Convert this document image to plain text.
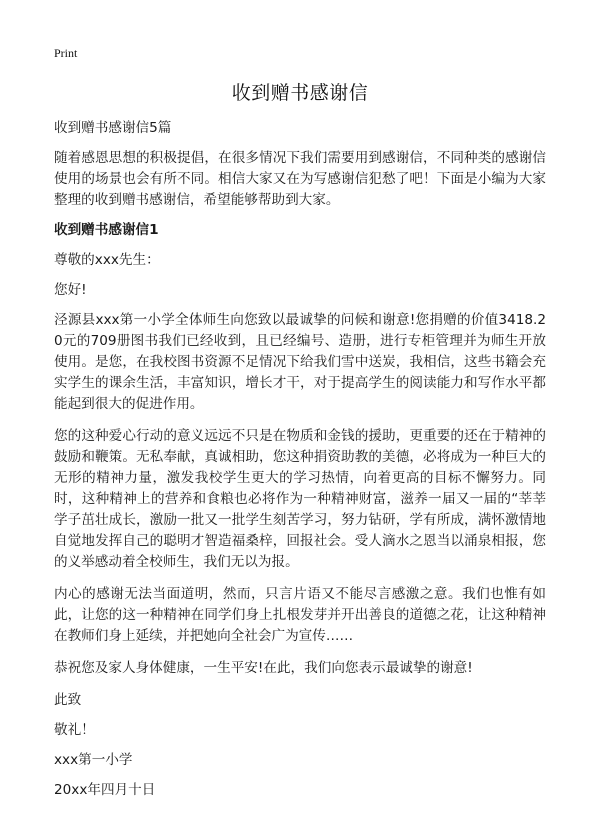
Print
收到赠书感谢信

收到赠书感谢信5篇

随着感恩思想的积极提倡，在很多情况下我们需要用到感谢信，不同种类的感谢信使用的场景也会有所不同。相信大家又在为写感谢信犯愁了吧！下面是小编为大家整理的收到赠书感谢信，希望能够帮助到大家。

收到赠书感谢信1

尊敬的xxx先生：

您好!

泾源县xxx第一小学全体师生向您致以最诚挚的问候和谢意!您捐赠的价值3418.20元的709册图书我们已经收到，且已经编号、造册，进行专柜管理并为师生开放使用。是您，在我校图书资源不足情况下给我们雪中送炭，我相信，这些书籍会充实学生的课余生活，丰富知识，增长才干，对于提高学生的阅读能力和写作水平都能起到很大的促进作用。

您的这种爱心行动的意义远远不只是在物质和金钱的援助，更重要的还在于精神的鼓励和鞭策。无私奉献，真诚相助，您这种捐资助教的美德，必将成为一种巨大的无形的精神力量，激发我校学生更大的学习热情，向着更高的目标不懈努力。同时，这种精神上的营养和食粮也必将作为一种精神财富，滋养一届又一届的“莘莘学子茁壮成长，激励一批又一批学生刻苦学习，努力钻研，学有所成，满怀激情地自觉地发挥自己的聪明才智造福桑梓，回报社会。受人滴水之恩当以涌泉相报，您的义举感动着全校师生，我们无以为报。

内心的感谢无法当面道明，然而，只言片语又不能尽言感激之意。我们也惟有如此，让您的这一种精神在同学们身上扎根发芽并开出善良的道德之花，让这种精神在教师们身上延续，并把她向全社会广为宣传……

恭祝您及家人身体健康，一生平安!在此，我们向您表示最诚挚的谢意!

此致

敬礼！

xxx第一小学

20xx年四月十日
